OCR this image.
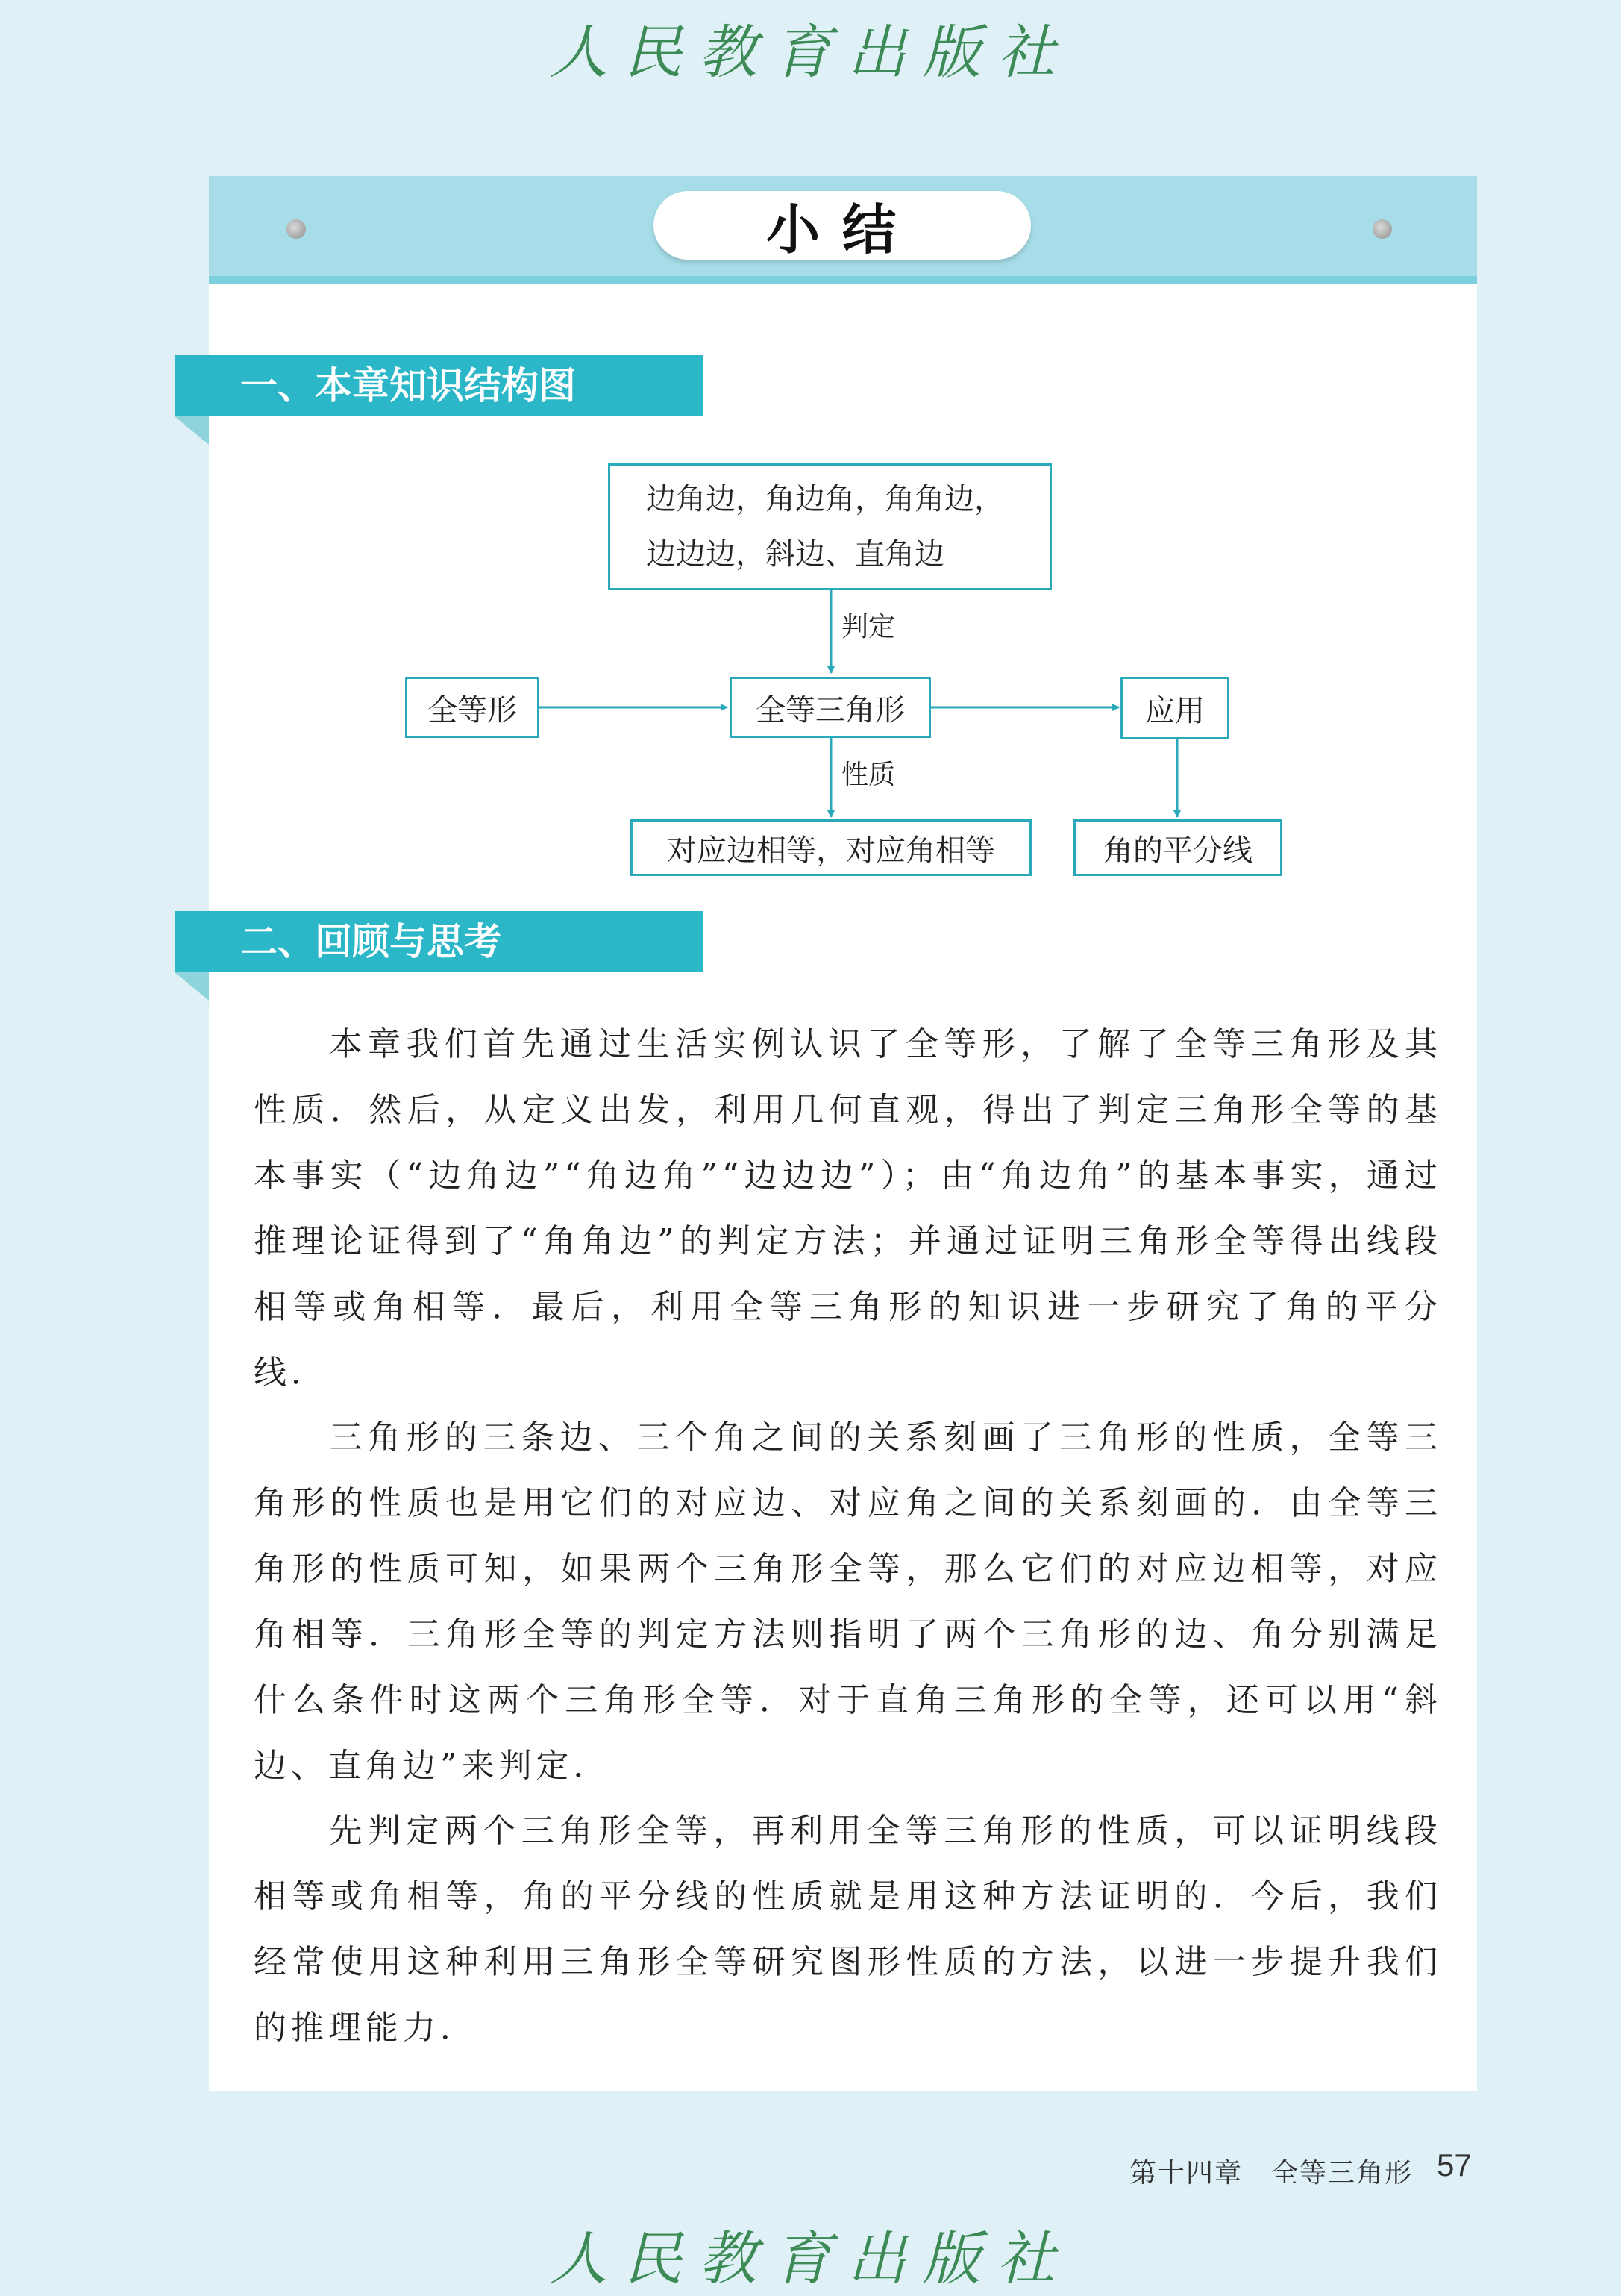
人民教育出版社
小结
一、本章知识结构图
边角边，角边角，角角边，
边边边，斜边、直角边
判定
全等形	全等三角形	应用
性质
对应边相等，对应角相等	角的平分线
二、回顾与思考

本章我们首先通过生活实例认识了全等形，了解了全等三角形及其性质．然后，从定义出发，利用几何直观，得出了判定三角形全等的基本事实（“边角边”“角边角”“边边边”）；由“角边角”的基本事实，通过推理论证得到了“角角边”的判定方法；并通过证明三角形全等得出线段相等或角相等．最后，利用全等三角形的知识进一步研究了角的平分线．

三角形的三条边、三个角之间的关系刻画了三角形的性质，全等三角形的性质也是用它们的对应边、对应角之间的关系刻画的．由全等三角形的性质可知，如果两个三角形全等，那么它们的对应边相等，对应角相等．三角形全等的判定方法则指明了两个三角形的边、角分别满足什么条件时这两个三角形全等．对于直角三角形的全等，还可以用“斜边、直角边”来判定．

先判定两个三角形全等，再利用全等三角形的性质，可以证明线段相等或角相等，角的平分线的性质就是用这种方法证明的．今后，我们经常使用这种利用三角形全等研究图形性质的方法，以进一步提升我们的推理能力．

第十四章　全等三角形 57
人民教育出版社
